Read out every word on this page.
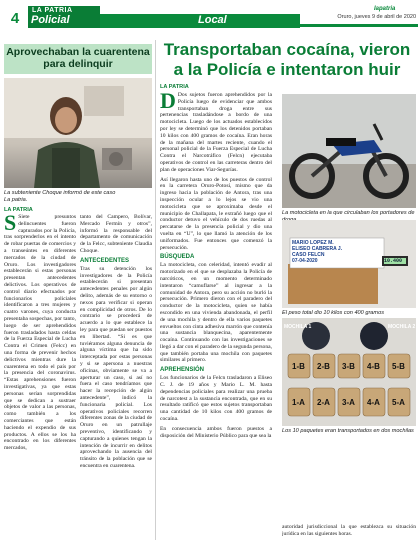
4	LA PATRIA
Policial	Local
lapatria
Oruro, jueves 9 de abril de 2020
Aprovechaban la cuarentena para delinquir
La subteniente Choque informó de este caso
La patria.
LA PATRIA
S Siete presuntos delincuentes fueron capturados por la Policía, tras sorprenderlos en el intento de robar puertas de comercios y a transeúntes en diferentes mercados de la ciudad de Oruro. Los investigadores establecerán si estas personas presentan antecedentes delictivos. Los operativos de control diario efectuados por funcionarios policiales identificaron a tres mujeres y cuatro varones, cuya conducta presentaba sospechas, por tanto, luego de ser aprehendidos fueron trasladados hasta celdas de la Fuerza Especial de Lucha Contra el Crimen (Felcc) en una forma de prevenir hechos delictivos mientras dure la cuarentena en todo el país por la presencia del coronavirus. “Estas aprehensiones fueron investigativas, ya que estas personas serían sorprendidas que se dedican a sustraer objetos de valor a las personas, como también a los comerciantes que están haciendo el expendio de sus productos. A ellos se los ha encontrado en los diferentes mercados,
tanto del Campero, Bolívar, Mercado Fermín y otros”, informó la responsable del departamento de comunicación de la Felcc, subteniente Claudia Choque.
ANTECEDENTES
Tras su detención los investigadores de la Policía establecerán si presentan antecedentes penales por algún delito, además de su entorno o nexos para verificar si operan en complicidad de otros. De lo contrario se procederá de acuerdo a lo que establece la ley para que puedan ser puestos en libertad. “Si es que tuviéramos alguna denuncia de alguna víctima que ha sido interceptada por estas personas y si se apersona a nuestras oficinas, obviamente se va a aperturar un caso, si así no fuera el caso tendríamos que hacer la recepción de algún antecedente”, indicó la funcionaria policial. Los operativos policiales recorren diferentes zonas de la ciudad de Oruro en un patrullaje preventivo, identificando y capturando a quienes tengan la intención de incurrir en delitos aprovechando la ausencia del tránsito de la población que se encuentra en cuarentena.
Transportaban cocaína, vieron a la Policía e intentaron huir
LA PATRIA
D Dos sujetos fueron aprehendidos por la Policía luego de evidenciar que ambos transportaban droga entre sus pertenencias trasladándose a bordo de una motocicleta. Luego de los actuados establecidos por ley se determinó que los detenidos portaban 10 kilos con 400 gramos de cocaína. Eran horas de la mañana del martes reciente, cuando el personal policial de la Fuerza Especial de Lucha Contra el Narcotráfico (Felcn) ejecutaba operativos de control en las carreteras dentro del plan de operaciones Viar-Segurías.
Así llegaron hasta uno de los puestos de control en la carretera Oruro-Potosí, mismo que da ingreso hacia la población de Antora, tras una inspección ocular a lo lejos se vio una motocicleta que se aproximaba desde el municipio de Challapata, le extrañó luego que el conductor detuvo el vehículo de dos ruedas al percatarse de la presencia policial y dio una vuelta en “U”, lo que llamó la atención de los uniformados. Fue entonces que comenzó la persecución.
BÚSQUEDA
La motocicleta, con celeridad, intentó evadir al motorizado en el que se desplazaba la Policía de narcóticos, en un momento determinado intentaron “camuflarse” al ingresar a la comunidad de Antora, pero su acción no burló la persecución. Primero dieron con el paradero del conductor de la motocicleta, quien se había escondido en una vivienda abandonada, el perfil de una mochila y dentro de ella varios paquetes envueltos con cinta adhesiva marrón que contenía una sustancia blanquecina, aparentemente cocaína. Continuando con las investigaciones se llegó a dar con el paradero de la segunda persona, que también portaba una mochila con paquetes similares al primero.
APREHENSIÓN
Los funcionarios de la Felcn trasladaron a Eliseo C. J. de 19 años y Mario L. M. hasta dependencias policiales para realizar una prueba de narcotest a la sustancia encontrada, que en su resultado ratificó que estos sujetos transportaban una cantidad de 10 kilos con 400 gramos de cocaína.
En consecuencia ambos fueron puestos a disposición del Ministerio Público para que sea la
autoridad jurisdiccional la que establezca su situación jurídica en las siguientes horas.
La motocicleta en la que circulaban los portadores de
MARIO LOPEZ M.
ELISEO CABRERA J.
CASO FELCN
07-04-2020	10.400
El peso total dio 10 kilos con 400 gramos
MOCHILA 1	MOCHILA 2
1-B 2-B 3-B 4-B 5-B
1-A 2-A 3-A 4-A 5-A
Los 10 paquetes eran transportados en dos mochilas
